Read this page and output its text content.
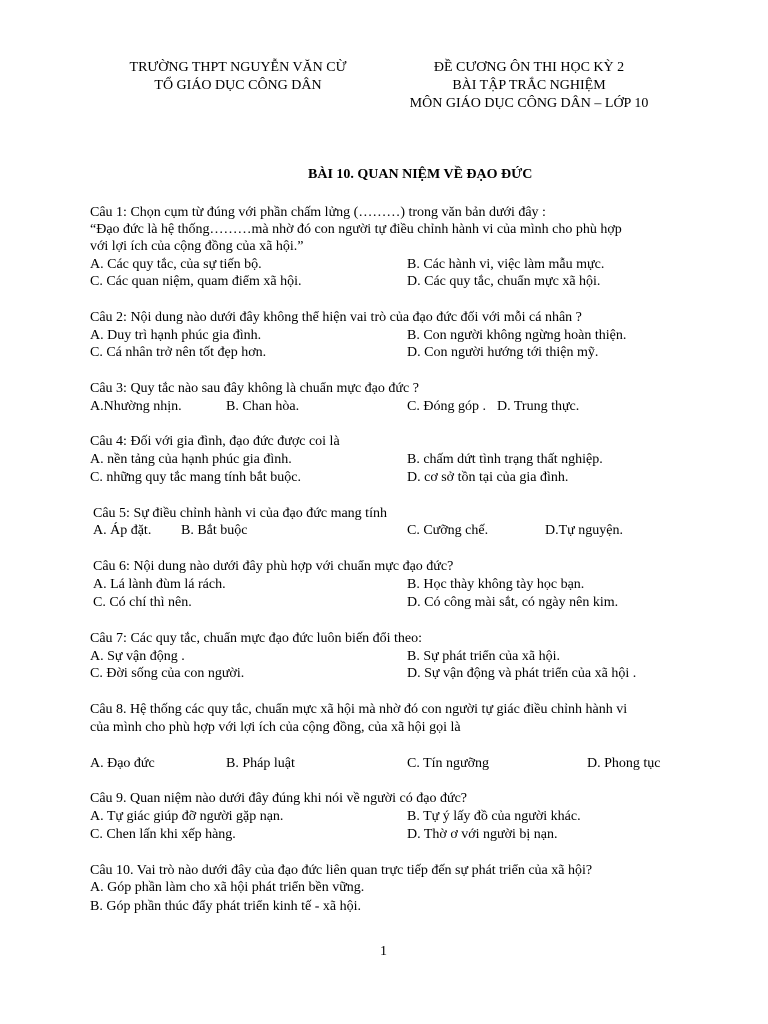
TRƯỜNG THPT NGUYỄN VĂN CỪ
TỔ GIÁO DỤC CÔNG DÂN
ĐỀ CƯƠNG ÔN THI HỌC KỲ 2
BÀI TẬP TRẮC NGHIỆM
MÔN GIÁO DỤC CÔNG DÂN – LỚP 10
BÀI 10. QUAN NIỆM VỀ ĐẠO ĐỨC
Câu 1: Chọn cụm từ đúng với phần chấm lửng (………) trong văn bản dưới đây :
“Đạo đức là hệ thống………mà nhờ đó con người tự điều chỉnh hành vi của mình cho phù hợp
với lợi ích của cộng đồng của xã hội.”
A. Các quy tắc, của sự tiến bộ.	B. Các hành vi, việc làm mẫu mực.
C. Các quan niệm, quam điểm xã hội.	D. Các quy tắc, chuẩn mực xã hội.
Câu 2: Nội dung nào dưới đây không thể hiện vai trò của đạo đức đối với mỗi cá nhân ?
A. Duy trì hạnh phúc gia đình.	B. Con người không ngừng hoàn thiện.
C. Cá nhân trở nên tốt đẹp hơn.	D. Con người hướng tới thiện mỹ.
Câu 3: Quy tắc nào sau đây không là chuẩn mực đạo đức ?
A.Nhường nhịn.	B. Chan hòa.	C. Đóng góp . D. Trung thực.
Câu 4: Đối với gia đình, đạo đức được coi là
A. nền tảng của hạnh phúc gia đình.	B. chấm dứt tình trạng thất nghiệp.
C. những quy tắc mang tính bắt buộc.	D. cơ sở tồn tại của gia đình.
Câu 5: Sự điều chỉnh hành vi của đạo đức mang tính
A. Áp đặt. B. Bắt buộc	C. Cưỡng chế.	D.Tự nguyện.
Câu 6: Nội dung nào dưới đây phù hợp với chuẩn mực đạo đức?
A. Lá lành đùm lá rách.	B. Học thày không tày học bạn.
C. Có chí thì nên.	D. Có công mài sắt, có ngày nên kim.
Câu 7: Các quy tắc, chuẩn mực đạo đức luôn biến đổi theo:
A. Sự vận động .	B. Sự phát triển của xã hội.
C. Đời sống của con người.	D. Sự vận động và phát triển của xã hội .
Câu 8. Hệ thống các quy tắc, chuẩn mực xã hội mà nhờ đó con người tự giác điều chỉnh hành vi
của mình cho phù hợp với lợi ích của cộng đồng, của xã hội gọi là
A. Đạo đức	B. Pháp luật	C. Tín ngưỡng	D. Phong tục
Câu 9. Quan niệm nào dưới đây đúng khi nói về người có đạo đức?
A. Tự giác giúp đỡ người gặp nạn.	B. Tự ý lấy đồ của người khác.
C. Chen lấn khi xếp hàng.	D. Thờ ơ với người bị nạn.
Câu 10. Vai trò nào dưới đây của đạo đức liên quan trực tiếp đến sự phát triển của xã hội?
A. Góp phần làm cho xã hội phát triển bền vững.
B. Góp phần thúc đẩy phát triển kinh tế - xã hội.
1
